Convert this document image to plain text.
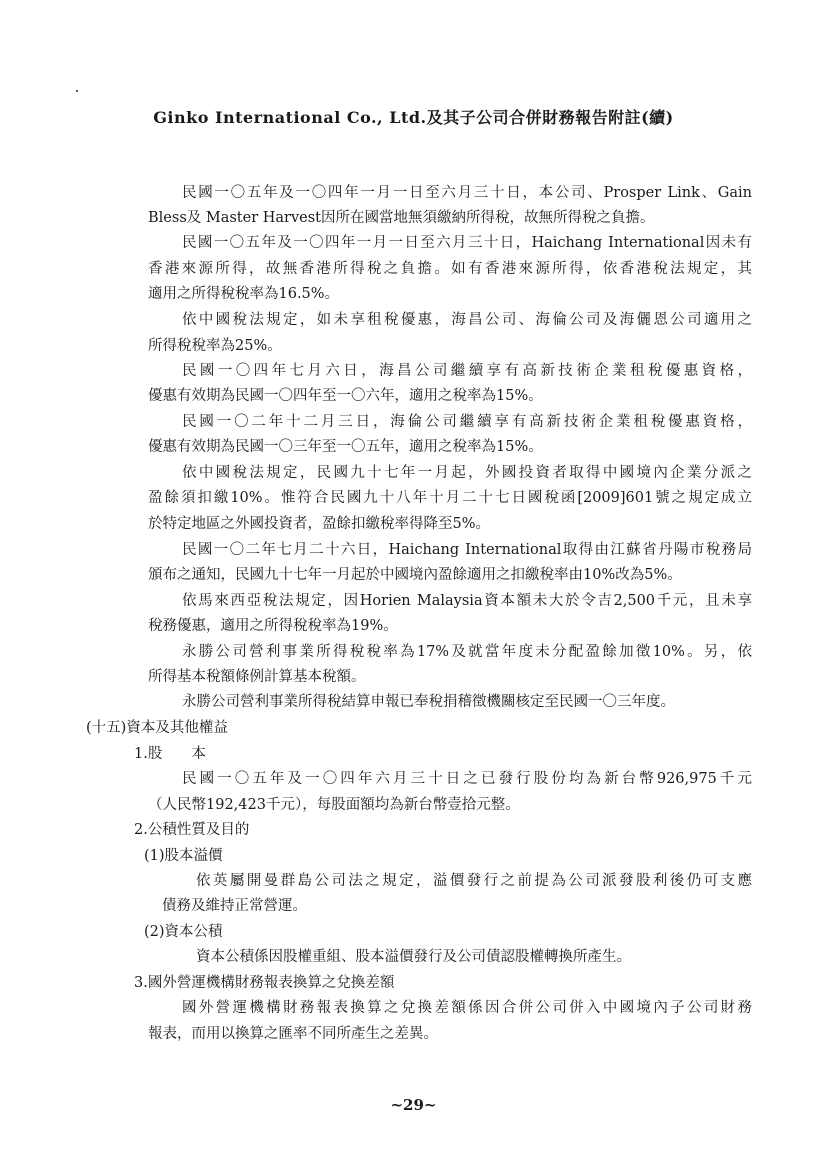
Ginko International Co., Ltd.及其子公司合併財務報告附註(續)
民國一〇五年及一〇四年一月一日至六月三十日，本公司、Prosper Link、Gain
Bless及 Master Harvest因所在國當地無須繳納所得稅，故無所得稅之負擔。
民國一〇五年及一〇四年一月一日至六月三十日，Haichang International因未有
香港來源所得，故無香港所得稅之負擔。如有香港來源所得，依香港稅法規定，其
適用之所得稅稅率為16.5%。
依中國稅法規定，如未享租稅優惠，海昌公司、海倫公司及海儷恩公司適用之
所得稅稅率為25%。
民國一〇四年七月六日，海昌公司繼續享有高新技術企業租稅優惠資格，
優惠有效期為民國一〇四年至一〇六年，適用之稅率為15%。
民國一〇二年十二月三日，海倫公司繼續享有高新技術企業租稅優惠資格，
優惠有效期為民國一〇三年至一〇五年，適用之稅率為15%。
依中國稅法規定，民國九十七年一月起，外國投資者取得中國境內企業分派之
盈餘須扣繳10%。惟符合民國九十八年十月二十七日國稅函[2009]601號之規定成立
於特定地區之外國投資者，盈餘扣繳稅率得降至5%。
民國一〇二年七月二十六日，Haichang International取得由江蘇省丹陽市稅務局
頒布之通知，民國九十七年一月起於中國境內盈餘適用之扣繳稅率由10%改為5%。
依馬來西亞稅法規定，因Horien Malaysia資本額未大於令吉2,500千元，且未享
稅務優惠，適用之所得稅稅率為19%。
永勝公司營利事業所得稅稅率為17%及就當年度未分配盈餘加徵10%。另，依
所得基本稅額條例計算基本稅額。
永勝公司營利事業所得稅結算申報已奉稅捐稽徵機關核定至民國一〇三年度。
(十五)資本及其他權益
1.股　　本
民國一〇五年及一〇四年六月三十日之已發行股份均為新台幣926,975千元
（人民幣192,423千元），每股面額均為新台幣壹拾元整。
2.公積性質及目的
(1)股本溢價
依英屬開曼群島公司法之規定，溢價發行之前提為公司派發股利後仍可支應
債務及維持正常營運。
(2)資本公積
資本公積係因股權重組、股本溢價發行及公司債認股權轉換所產生。
3.國外營運機構財務報表換算之兌換差額
國外營運機構財務報表換算之兌換差額係因合併公司併入中國境內子公司財務
報表，而用以換算之匯率不同所產生之差異。
~29~
